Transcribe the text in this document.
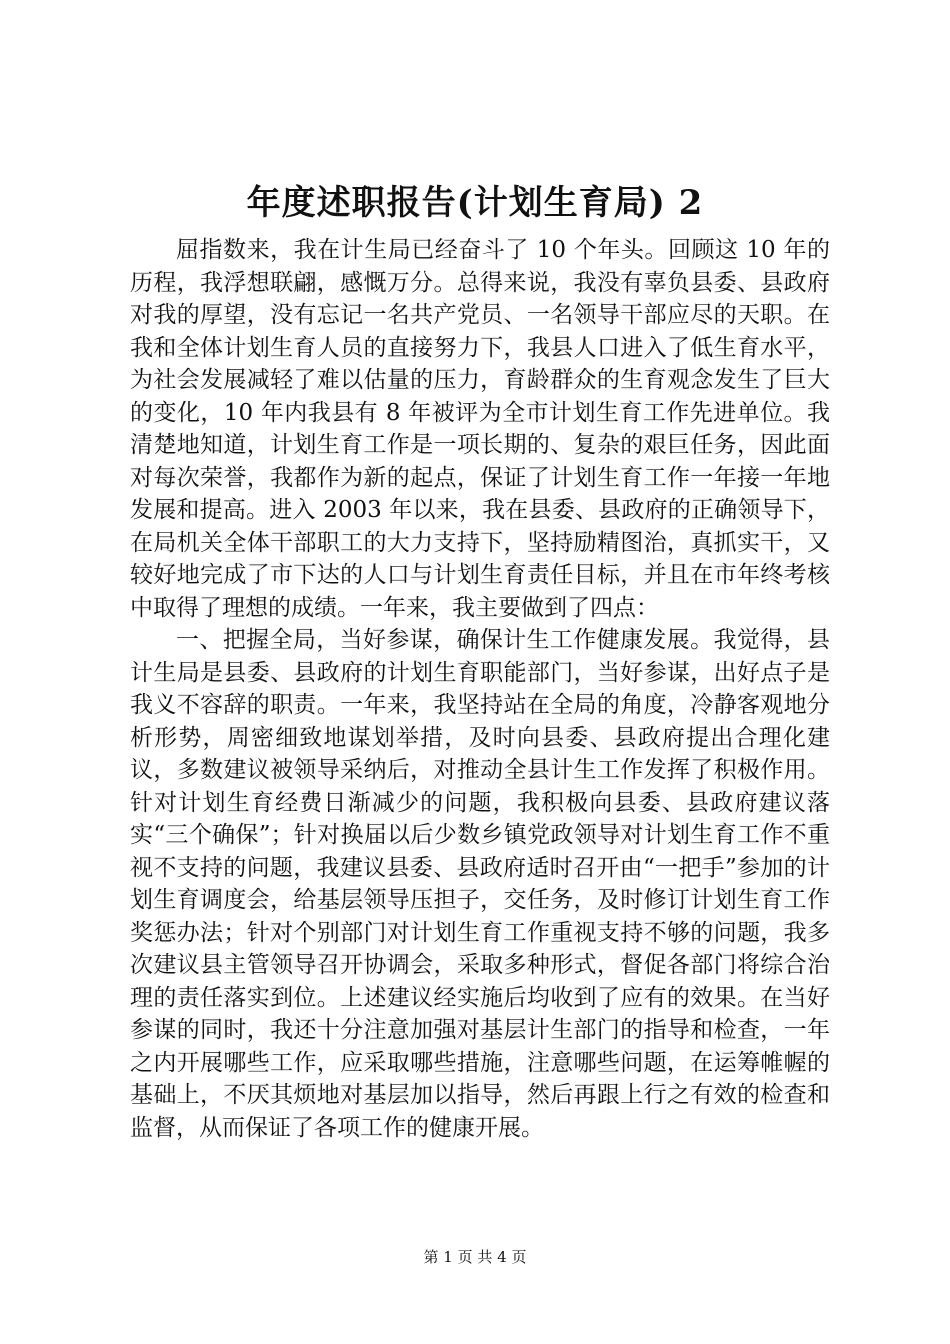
年度述职报告(计划生育局) 2

屈指数来，我在计生局已经奋斗了 10 个年头。回顾这 10 年的历程，我浮想联翩，感慨万分。总得来说，我没有辜负县委、县政府对我的厚望，没有忘记一名共产党员、一名领导干部应尽的天职。在我和全体计划生育人员的直接努力下，我县人口进入了低生育水平，为社会发展减轻了难以估量的压力，育龄群众的生育观念发生了巨大的变化，10 年内我县有 8 年被评为全市计划生育工作先进单位。我清楚地知道，计划生育工作是一项长期的、复杂的艰巨任务，因此面对每次荣誉，我都作为新的起点，保证了计划生育工作一年接一年地发展和提高。进入 2003 年以来，我在县委、县政府的正确领导下，在局机关全体干部职工的大力支持下，坚持励精图治，真抓实干，又较好地完成了市下达的人口与计划生育责任目标，并且在市年终考核中取得了理想的成绩。一年来，我主要做到了四点：

一、把握全局，当好参谋，确保计生工作健康发展。我觉得，县计生局是县委、县政府的计划生育职能部门，当好参谋，出好点子是我义不容辞的职责。一年来，我坚持站在全局的角度，冷静客观地分析形势，周密细致地谋划举措，及时向县委、县政府提出合理化建议，多数建议被领导采纳后，对推动全县计生工作发挥了积极作用。针对计划生育经费日渐减少的问题，我积极向县委、县政府建议落实“三个确保”；针对换届以后少数乡镇党政领导对计划生育工作不重视不支持的问题，我建议县委、县政府适时召开由“一把手”参加的计划生育调度会，给基层领导压担子，交任务，及时修订计划生育工作奖惩办法；针对个别部门对计划生育工作重视支持不够的问题，我多次建议县主管领导召开协调会，采取多种形式，督促各部门将综合治理的责任落实到位。上述建议经实施后均收到了应有的效果。在当好参谋的同时，我还十分注意加强对基层计生部门的指导和检查，一年之内开展哪些工作，应采取哪些措施，注意哪些问题，在运筹帷幄的基础上，不厌其烦地对基层加以指导，然后再跟上行之有效的检查和监督，从而保证了各项工作的健康开展。

第 1 页 共 4 页
